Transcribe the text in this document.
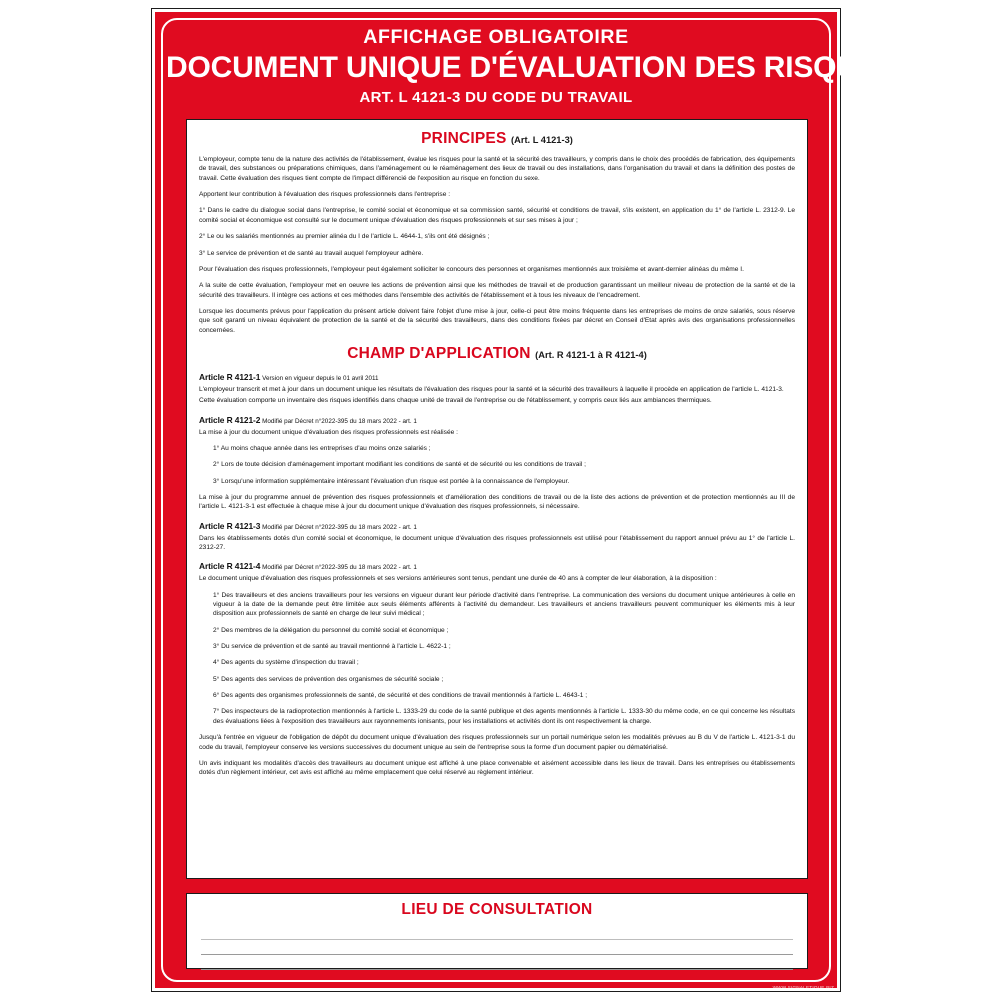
AFFICHAGE OBLIGATOIRE
DOCUMENT UNIQUE D'ÉVALUATION DES RISQUES
ART. L 4121-3 DU CODE DU TRAVAIL
PRINCIPES (Art. L 4121-3)

L'employeur, compte tenu de la nature des activités de l'établissement, évalue les risques pour la santé et la sécurité des travailleurs, y compris dans le choix des procédés de fabrication, des équipements de travail, des substances ou préparations chimiques, dans l'aménagement ou le réaménagement des lieux de travail ou des installations, dans l'organisation du travail et dans la définition des postes de travail. Cette évaluation des risques tient compte de l'impact différencié de l'exposition au risque en fonction du sexe.

Apportent leur contribution à l'évaluation des risques professionnels dans l'entreprise :

1° Dans le cadre du dialogue social dans l'entreprise, le comité social et économique et sa commission santé, sécurité et conditions de travail, s'ils existent, en application du 1° de l'article L. 2312-9. Le comité social et économique est consulté sur le document unique d'évaluation des risques professionnels et sur ses mises à jour ;

2° Le ou les salariés mentionnés au premier alinéa du I de l'article L. 4644-1, s'ils ont été désignés ;

3° Le service de prévention et de santé au travail auquel l'employeur adhère.

Pour l'évaluation des risques professionnels, l'employeur peut également solliciter le concours des personnes et organismes mentionnés aux troisième et avant-dernier alinéas du même I.

A la suite de cette évaluation, l'employeur met en oeuvre les actions de prévention ainsi que les méthodes de travail et de production garantissant un meilleur niveau de protection de la santé et de la sécurité des travailleurs. Il intègre ces actions et ces méthodes dans l'ensemble des activités de l'établissement et à tous les niveaux de l'encadrement.

Lorsque les documents prévus pour l'application du présent article doivent faire l'objet d'une mise à jour, celle-ci peut être moins fréquente dans les entreprises de moins de onze salariés, sous réserve que soit garanti un niveau équivalent de protection de la santé et de la sécurité des travailleurs, dans des conditions fixées par décret en Conseil d'Etat après avis des organisations professionnelles concernées.

CHAMP D'APPLICATION (Art. R 4121-1 à R 4121-4)
Article R 4121-1 Version en vigueur depuis le 01 avril 2011

L'employeur transcrit et met à jour dans un document unique les résultats de l'évaluation des risques pour la santé et la sécurité des travailleurs à laquelle il procède en application de l'article L. 4121-3.

Cette évaluation comporte un inventaire des risques identifiés dans chaque unité de travail de l'entreprise ou de l'établissement, y compris ceux liés aux ambiances thermiques.

Article R 4121-2 Modifié par Décret n°2022-395 du 18 mars 2022 - art. 1

La mise à jour du document unique d'évaluation des risques professionnels est réalisée :

1° Au moins chaque année dans les entreprises d'au moins onze salariés ;

2° Lors de toute décision d'aménagement important modifiant les conditions de santé et de sécurité ou les conditions de travail ;

3° Lorsqu'une information supplémentaire intéressant l'évaluation d'un risque est portée à la connaissance de l'employeur.

La mise à jour du programme annuel de prévention des risques professionnels et d'amélioration des conditions de travail ou de la liste des actions de prévention et de protection mentionnés au III de l'article L. 4121-3-1 est effectuée à chaque mise à jour du document unique d'évaluation des risques professionnels, si nécessaire.

Article R 4121-3 Modifié par Décret n°2022-395 du 18 mars 2022 - art. 1

Dans les établissements dotés d'un comité social et économique, le document unique d'évaluation des risques professionnels est utilisé pour l'établissement du rapport annuel prévu au 1° de l'article L. 2312-27.

Article R 4121-4 Modifié par Décret n°2022-395 du 18 mars 2022 - art. 1

Le document unique d'évaluation des risques professionnels et ses versions antérieures sont tenus, pendant une durée de 40 ans à compter de leur élaboration, à la disposition :

1° Des travailleurs et des anciens travailleurs pour les versions en vigueur durant leur période d'activité dans l'entreprise. La communication des versions du document unique antérieures à celle en vigueur à la date de la demande peut être limitée aux seuls éléments afférents à l'activité du demandeur. Les travailleurs et anciens travailleurs peuvent communiquer les éléments mis à leur disposition aux professionnels de santé en charge de leur suivi médical ;

2° Des membres de la délégation du personnel du comité social et économique ;

3° Du service de prévention et de santé au travail mentionné à l'article L. 4622-1 ;

4° Des agents du système d'inspection du travail ;

5° Des agents des services de prévention des organismes de sécurité sociale ;

6° Des agents des organismes professionnels de santé, de sécurité et des conditions de travail mentionnés à l'article L. 4643-1 ;

7° Des inspecteurs de la radioprotection mentionnés à l'article L. 1333-29 du code de la santé publique et des agents mentionnés à l'article L. 1333-30 du même code, en ce qui concerne les résultats des évaluations liées à l'exposition des travailleurs aux rayonnements ionisants, pour les installations et activités dont ils ont respectivement la charge.

Jusqu'à l'entrée en vigueur de l'obligation de dépôt du document unique d'évaluation des risques professionnels sur un portail numérique selon les modalités prévues au B du V de l'article L. 4121-3-1 du code du travail, l'employeur conserve les versions successives du document unique au sein de l'entreprise sous la forme d'un document papier ou dématérialisé.

Un avis indiquant les modalités d'accès des travailleurs au document unique est affiché à une place convenable et aisément accessible dans les lieux de travail. Dans les entreprises ou établissements dotés d'un règlement intérieur, cet avis est affiché au même emplacement que celui réservé au règlement intérieur.

LIEU DE CONSULTATION
WWW.SIGNALETIQUE.BIZ
